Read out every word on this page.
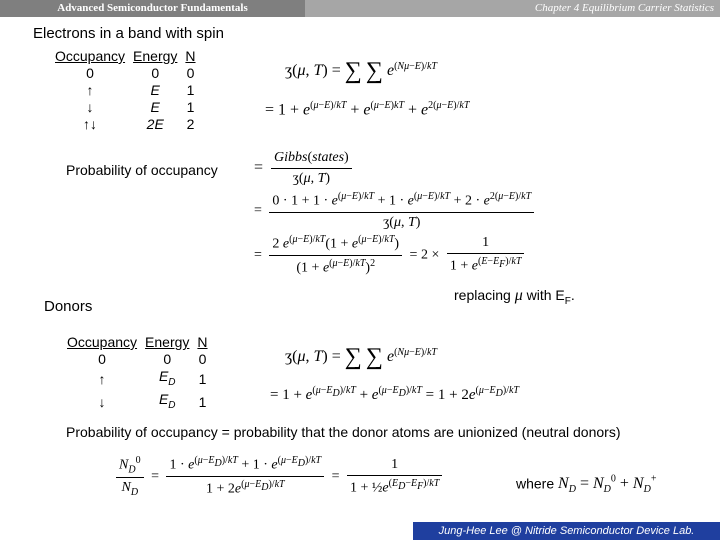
Advanced Semiconductor Fundamentals	Chapter 4 Equilibrium Carrier Statistics
Electrons in a band with spin
Occupancy	Energy	N
0	0	0
↑	E	1
↓	E	1
↑↓	2E	2
ʒ(μ, T) = ∑ ∑ $e^{(N\mu-E)/kT}$
= $1 + e^{(\mu-E)/kT} + e^{(\mu-E)kT} + e^{2(\mu-E)/kT}$
Probability of occupancy = $\frac{\text{Gibbs(states)}}{\text{ʒ(μ, T)}}$
= $\frac{0 \cdot 1 + 1 \cdot e^{(\mu-E)/kT} + 1 \cdot e^{(\mu-E)/kT} + 2 \cdot e^{2(\mu-E)/kT}}{\text{ʒ(μ, T)}}$
= $\frac{2 e^{(\mu-E)/kT}(1 + e^{(\mu-E)/kT})}{(1 + e^{(\mu-E)/kT})^2} = 2 \times \frac{1}{1 + e^{(E-E_F)/kT}}$
replacing μ with $E_F$.
Donors
Occupancy	Energy	N
0	0	0
↑	$E_D$	1
↓	$E_D$	1
ʒ(μ, T) = ∑ ∑ $e^{(N\mu-E)/kT}$
= $1 + e^{(\mu-E_D)/kT} + e^{(\mu-E_D)/kT} = 1 + 2e^{(\mu-E_D)/kT}$
Probability of occupancy = probability that the donor atoms are unionized (neutral donors)
$\frac{N_D^0}{N_D} = \frac{1 \cdot e^{(\mu-E_D)/kT} + 1 \cdot e^{(\mu-E_D)/kT}}{1 + 2e^{(\mu-E_D)/kT}} = \frac{1}{1 + \frac{1}{2}e^{(E_D-E_F)/kT}}$	where $N_D = N_D^0 + N_D^+$
Jung-Hee Lee @ Nitride Semiconductor Device Lab.
